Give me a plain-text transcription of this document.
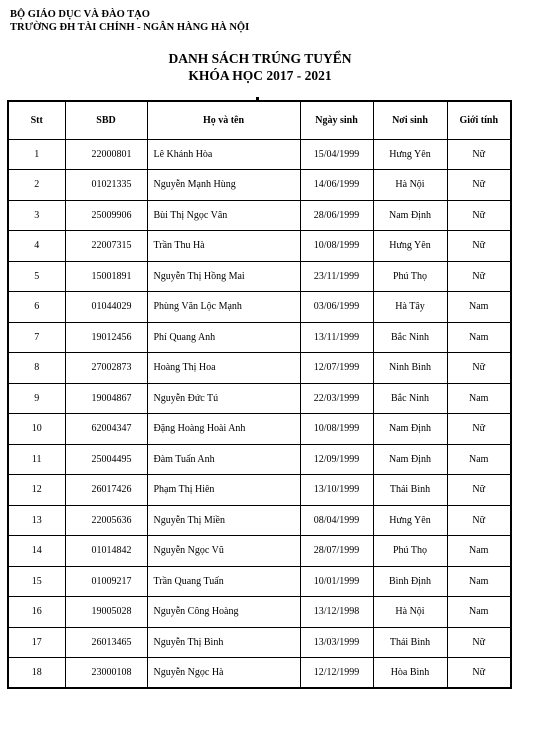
BỘ GIÁO DỤC VÀ ĐÀO TẠO
TRƯỜNG ĐH TÀI CHÍNH - NGÂN HÀNG HÀ NỘI
DANH SÁCH TRÚNG TUYỂN
KHÓA HỌC 2017 - 2021
Stt	SBD	Họ và tên	Ngày sinh	Nơi sinh	Giới tính
1	22000801	Lê Khánh Hòa	15/04/1999	Hưng Yên	Nữ
2	01021335	Nguyễn Mạnh Hùng	14/06/1999	Hà Nội	Nữ
3	25009906	Bùi Thị Ngọc Vân	28/06/1999	Nam Định	Nữ
4	22007315	Trần Thu Hà	10/08/1999	Hưng Yên	Nữ
5	15001891	Nguyễn Thị Hồng Mai	23/11/1999	Phú Thọ	Nữ
6	01044029	Phùng Văn Lộc Mạnh	03/06/1999	Hà Tây	Nam
7	19012456	Phí Quang Anh	13/11/1999	Bắc Ninh	Nam
8	27002873	Hoàng Thị Hoa	12/07/1999	Ninh Bình	Nữ
9	19004867	Nguyễn Đức Tú	22/03/1999	Bắc Ninh	Nam
10	62004347	Đặng Hoàng Hoài Anh	10/08/1999	Nam Định	Nữ
11	25004495	Đàm Tuấn Anh	12/09/1999	Nam Định	Nam
12	26017426	Phạm Thị Hiên	13/10/1999	Thái Bình	Nữ
13	22005636	Nguyễn Thị Miền	08/04/1999	Hưng Yên	Nữ
14	01014842	Nguyễn Ngọc Vũ	28/07/1999	Phú Thọ	Nam
15	01009217	Trần Quang Tuấn	10/01/1999	Bình Định	Nam
16	19005028	Nguyễn Công Hoàng	13/12/1998	Hà Nội	Nam
17	26013465	Nguyễn Thị Bình	13/03/1999	Thái Bình	Nữ
18	23000108	Nguyễn Ngọc Hà	12/12/1999	Hòa Bình	Nữ
